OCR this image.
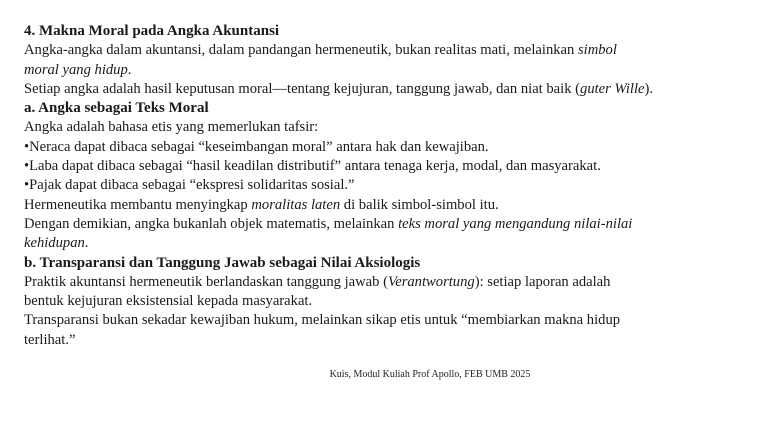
4. Makna Moral pada Angka Akuntansi
Angka-angka dalam akuntansi, dalam pandangan hermeneutik, bukan realitas mati, melainkan simbol
moral yang hidup.
Setiap angka adalah hasil keputusan moral—tentang kejujuran, tanggung jawab, dan niat baik (guter Wille).
a. Angka sebagai Teks Moral
Angka adalah bahasa etis yang memerlukan tafsir:
•Neraca dapat dibaca sebagai “keseimbangan moral” antara hak dan kewajiban.
•Laba dapat dibaca sebagai “hasil keadilan distributif” antara tenaga kerja, modal, dan masyarakat.
•Pajak dapat dibaca sebagai “ekspresi solidaritas sosial.”
Hermeneutika membantu menyingkap moralitas laten di balik simbol-simbol itu.
Dengan demikian, angka bukanlah objek matematis, melainkan teks moral yang mengandung nilai-nilai
kehidupan.
b. Transparansi dan Tanggung Jawab sebagai Nilai Aksiologis
Praktik akuntansi hermeneutik berlandaskan tanggung jawab (Verantwortung): setiap laporan adalah
bentuk kejujuran eksistensial kepada masyarakat.
Transparansi bukan sekadar kewajiban hukum, melainkan sikap etis untuk “membiarkan makna hidup
terlihat.”
Kuis, Modul Kuliah Prof Apollo, FEB UMB 2025
